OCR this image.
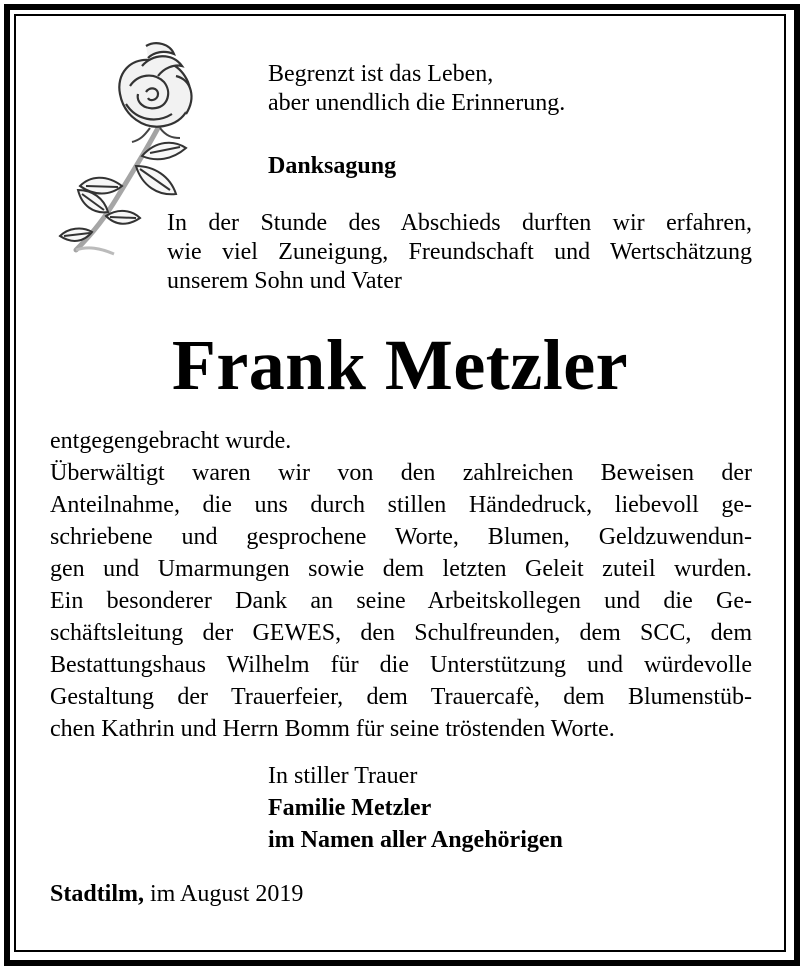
Begrenzt ist das Leben,
aber unendlich die Erinnerung.
Danksagung
In der Stunde des Abschieds durften wir erfahren,
wie viel Zuneigung, Freundschaft und Wertschätzung
unserem Sohn und Vater
Frank Metzler
entgegengebracht wurde.
Überwältigt waren wir von den zahlreichen Beweisen der
Anteilnahme, die uns durch stillen Händedruck, liebevoll ge-
schriebene und gesprochene Worte, Blumen, Geldzuwendun-
gen und Umarmungen sowie dem letzten Geleit zuteil wurden.
Ein besonderer Dank an seine Arbeitskollegen und die Ge-
schäftsleitung der GEWES, den Schulfreunden, dem SCC, dem
Bestattungshaus Wilhelm für die Unterstützung und würdevolle
Gestaltung der Trauerfeier, dem Trauercafè, dem Blumenstüb-
chen Kathrin und Herrn Bomm für seine tröstenden Worte.
In stiller Trauer
Familie Metzler
im Namen aller Angehörigen
Stadtilm, im August 2019
